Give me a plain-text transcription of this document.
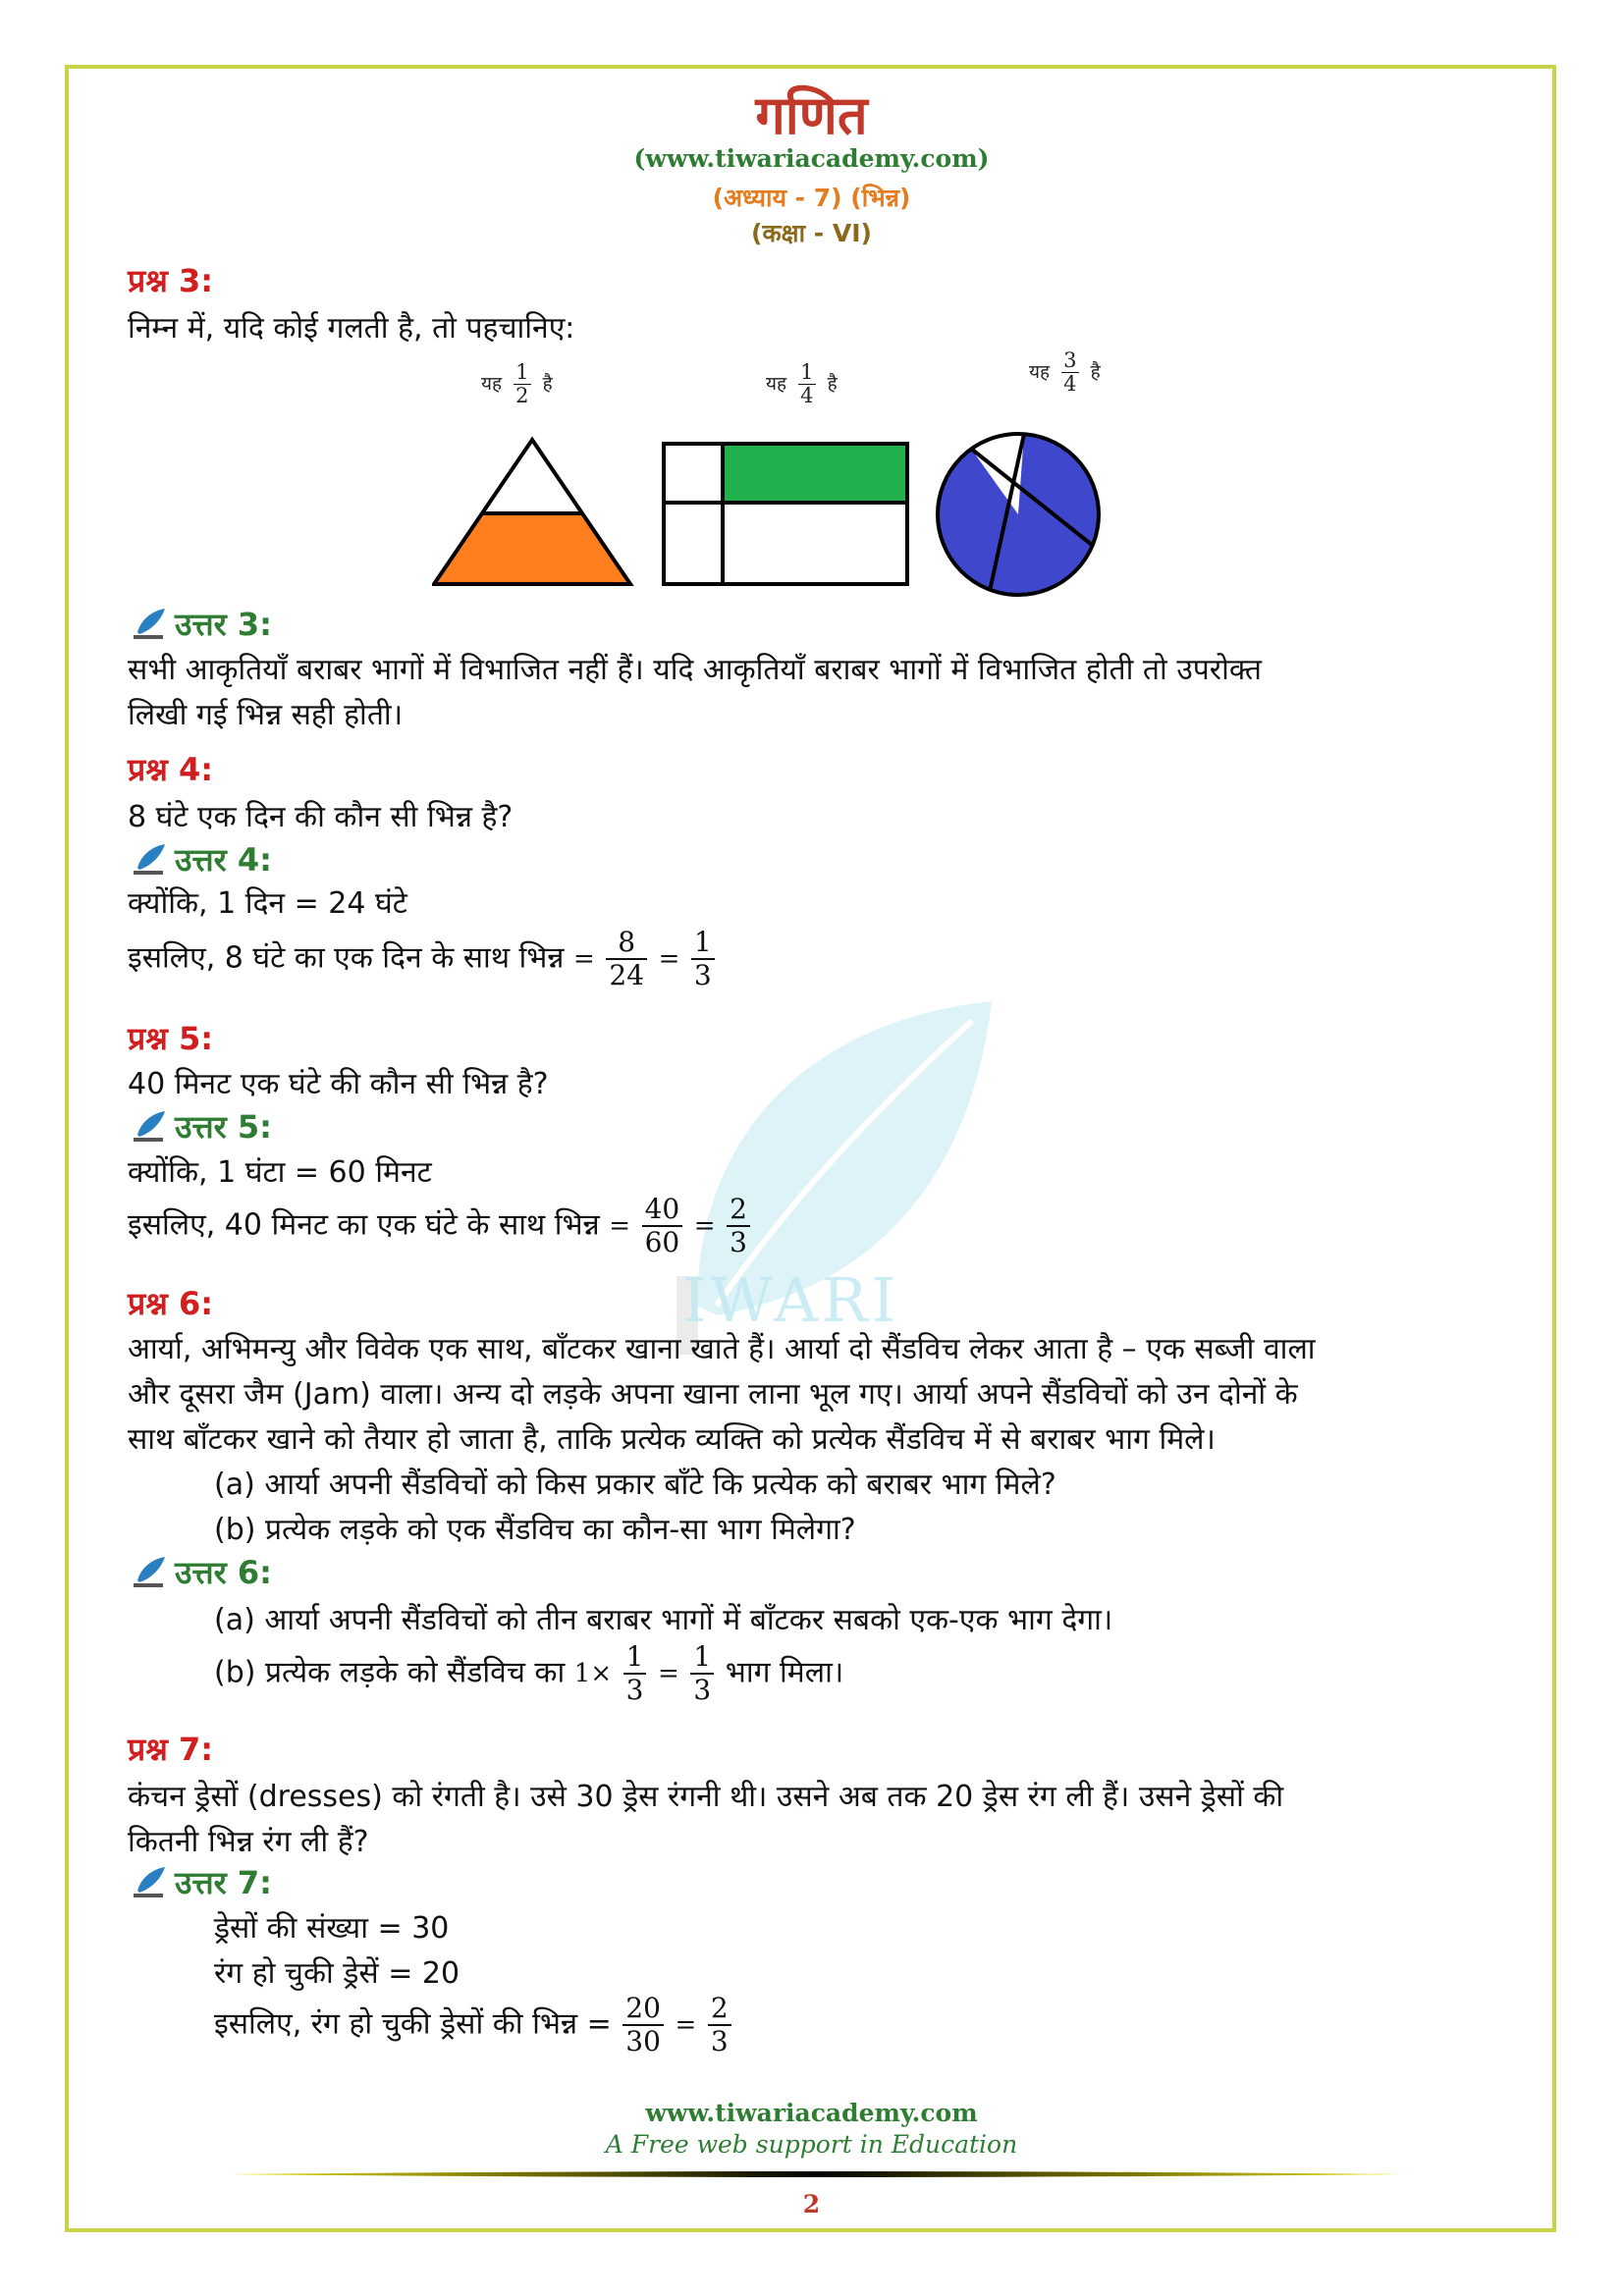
गणित
(www.tiwariacademy.com)
(अध्याय - 7) (भिन्न)
(कक्षा - VI)
IWARI
प्रश्न 3:
निम्न में, यदि कोई गलती है, तो पहचानिए:
यह $\frac{1}{2}$ है	यह $\frac{1}{4}$ है
यह $\frac{3}{4}$ है
उत्तर 3:
सभी आकृतियाँ बराबर भागों में विभाजित नहीं हैं। यदि आकृतियाँ बराबर भागों में विभाजित होती तो उपरोक्त
लिखी गई भिन्न सही होती।
प्रश्न 4:
8 घंटे एक दिन की कौन सी भिन्न है?
उत्तर 4:
क्योंकि, 1 दिन = 24 घंटे
इसलिए, 8 घंटे का एक दिन के साथ भिन्न = $\frac{8}{24} = \frac{1}{3}$
प्रश्न 5:
40 मिनट एक घंटे की कौन सी भिन्न है?
उत्तर 5:
क्योंकि, 1 घंटा = 60 मिनट
इसलिए, 40 मिनट का एक घंटे के साथ भिन्न = $\frac{40}{60} = \frac{2}{3}$
प्रश्न 6:
आर्या, अभिमन्यु और विवेक एक साथ, बाँटकर खाना खाते हैं। आर्या दो सैंडविच लेकर आता है – एक सब्जी वाला
और दूसरा जैम (Jam) वाला। अन्य दो लड़के अपना खाना लाना भूल गए। आर्या अपने सैंडविचों को उन दोनों के
साथ बाँटकर खाने को तैयार हो जाता है, ताकि प्रत्येक व्यक्ति को प्रत्येक सैंडविच में से बराबर भाग मिले।
(a) आर्या अपनी सैंडविचों को किस प्रकार बाँटे कि प्रत्येक को बराबर भाग मिले?
(b) प्रत्येक लड़के को एक सैंडविच का कौन-सा भाग मिलेगा?
उत्तर 6:
(a) आर्या अपनी सैंडविचों को तीन बराबर भागों में बाँटकर सबको एक-एक भाग देगा।
(b) प्रत्येक लड़के को सैंडविच का $1\times \frac{1}{3} = \frac{1}{3}$ भाग मिला।
प्रश्न 7:
कंचन ड्रेसों (dresses) को रंगती है। उसे 30 ड्रेस रंगनी थी। उसने अब तक 20 ड्रेस रंग ली हैं। उसने ड्रेसों की
कितनी भिन्न रंग ली हैं?
उत्तर 7:
ड्रेसों की संख्या = 30
रंग हो चुकी ड्रेसें = 20
इसलिए, रंग हो चुकी ड्रेसों की भिन्न = $\frac{20}{30} = \frac{2}{3}$
www.tiwariacademy.com
A Free web support in Education
2
